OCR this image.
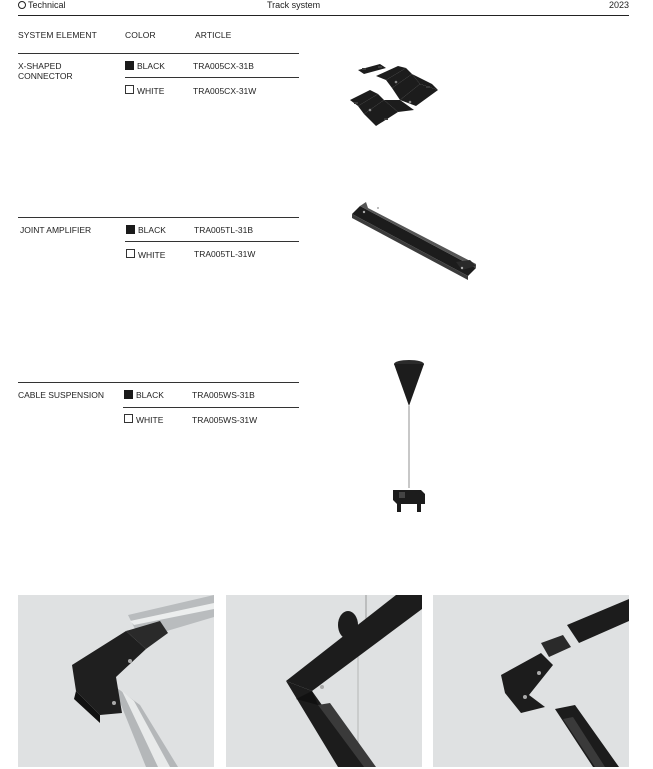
Technical	Track system	2023
SYSTEM ELEMENT	COLOR	ARTICLE
X-SHAPED
CONNECTOR
BLACK	TRA005CX-31B
WHITE	TRA005CX-31W
JOINT AMPLIFIER	BLACK	TRA005TL-31B
WHITE	TRA005TL-31W
CABLE SUSPENSION	BLACK	TRA005WS-31B
WHITE	TRA005WS-31W
